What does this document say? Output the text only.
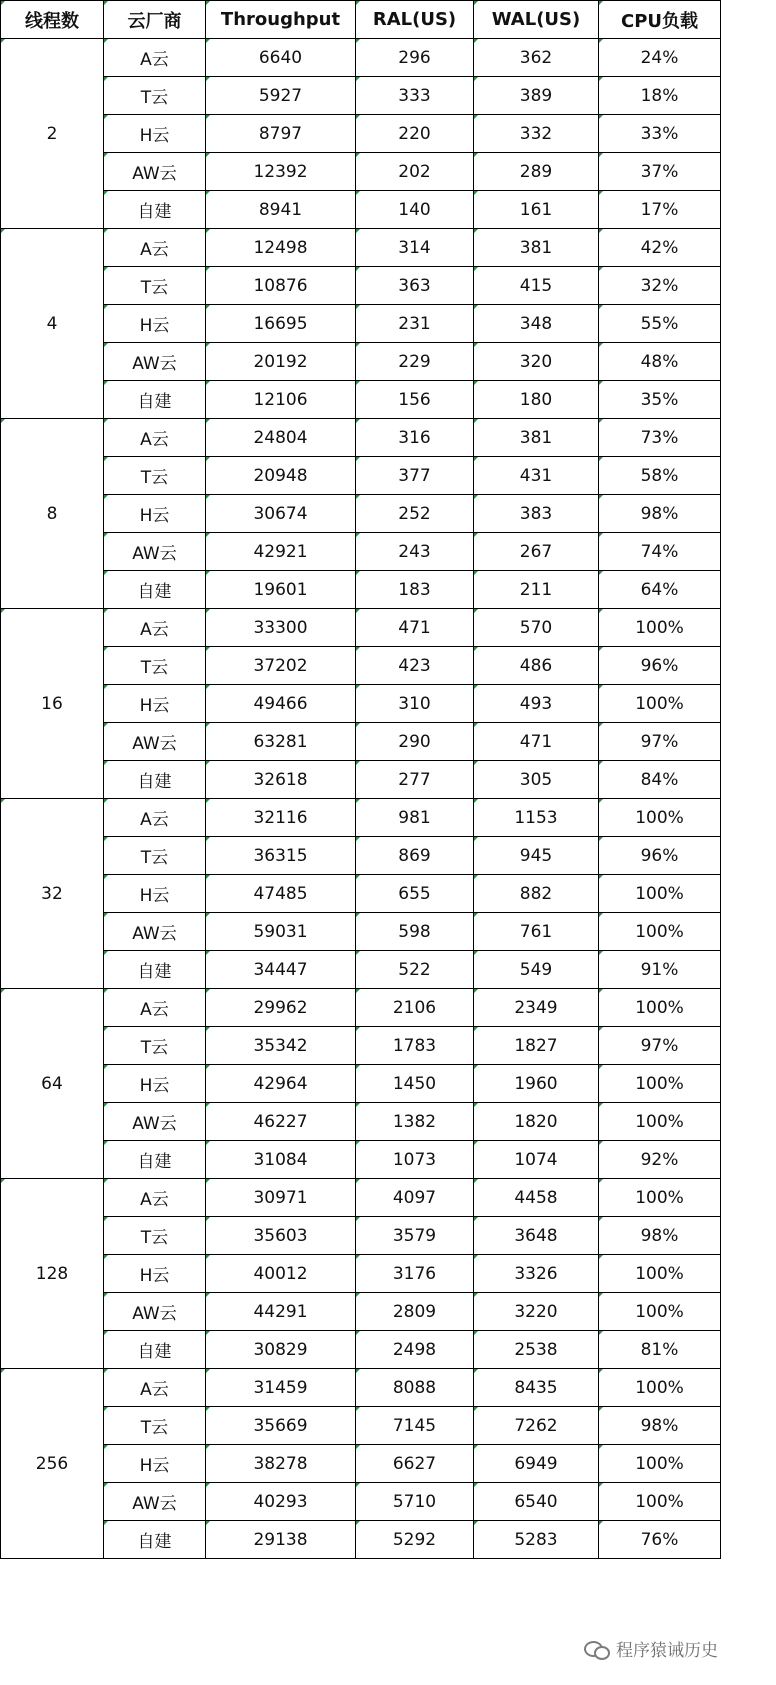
线程数	云厂商	Throughput	RAL(US)	WAL(US)	CPU负载
2	A云	6640	296	362	24%
	T云	5927	333	389	18%
	H云	8797	220	332	33%
	AW云	12392	202	289	37%
	自建	8941	140	161	17%
4	A云	12498	314	381	42%
	T云	10876	363	415	32%
	H云	16695	231	348	55%
	AW云	20192	229	320	48%
	自建	12106	156	180	35%
8	A云	24804	316	381	73%
	T云	20948	377	431	58%
	H云	30674	252	383	98%
	AW云	42921	243	267	74%
	自建	19601	183	211	64%
16	A云	33300	471	570	100%
	T云	37202	423	486	96%
	H云	49466	310	493	100%
	AW云	63281	290	471	97%
	自建	32618	277	305	84%
32	A云	32116	981	1153	100%
	T云	36315	869	945	96%
	H云	47485	655	882	100%
	AW云	59031	598	761	100%
	自建	34447	522	549	91%
64	A云	29962	2106	2349	100%
	T云	35342	1783	1827	97%
	H云	42964	1450	1960	100%
	AW云	46227	1382	1820	100%
	自建	31084	1073	1074	92%
128	A云	30971	4097	4458	100%
	T云	35603	3579	3648	98%
	H云	40012	3176	3326	100%
	AW云	44291	2809	3220	100%
	自建	30829	2498	2538	81%
256	A云	31459	8088	8435	100%
	T云	35669	7145	7262	98%
	H云	38278	6627	6949	100%
	AW云	40293	5710	6540	100%
	自建	29138	5292	5283	76%
程序猿诫历史
